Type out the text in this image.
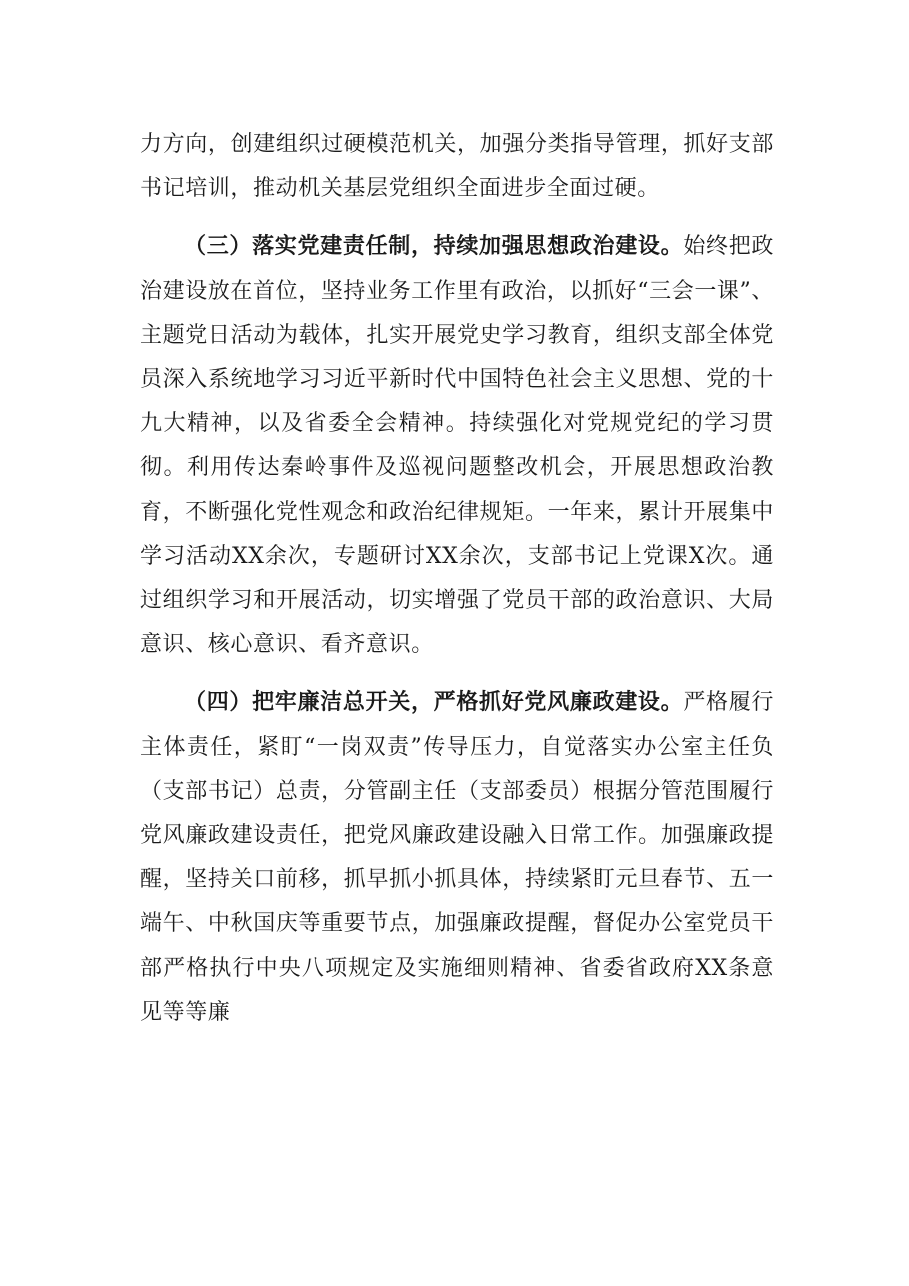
力方向，创建组织过硬模范机关，加强分类指导管理，抓好支部书记培训，推动机关基层党组织全面进步全面过硬。

（三）落实党建责任制，持续加强思想政治建设。始终把政治建设放在首位，坚持业务工作里有政治，以抓好“三会一课”、主题党日活动为载体，扎实开展党史学习教育，组织支部全体党员深入系统地学习习近平新时代中国特色社会主义思想、党的十九大精神，以及省委全会精神。持续强化对党规党纪的学习贯彻。利用传达秦岭事件及巡视问题整改机会，开展思想政治教育，不断强化党性观念和政治纪律规矩。一年来，累计开展集中学习活动XX余次，专题研讨XX余次，支部书记上党课X次。通过组织学习和开展活动，切实增强了党员干部的政治意识、大局意识、核心意识、看齐意识。

（四）把牢廉洁总开关，严格抓好党风廉政建设。严格履行主体责任，紧盯“一岗双责”传导压力，自觉落实办公室主任负（支部书记）总责，分管副主任（支部委员）根据分管范围履行党风廉政建设责任，把党风廉政建设融入日常工作。加强廉政提醒，坚持关口前移，抓早抓小抓具体，持续紧盯元旦春节、五一端午、中秋国庆等重要节点，加强廉政提醒，督促办公室党员干部严格执行中央八项规定及实施细则精神、省委省政府XX条意见等等廉
